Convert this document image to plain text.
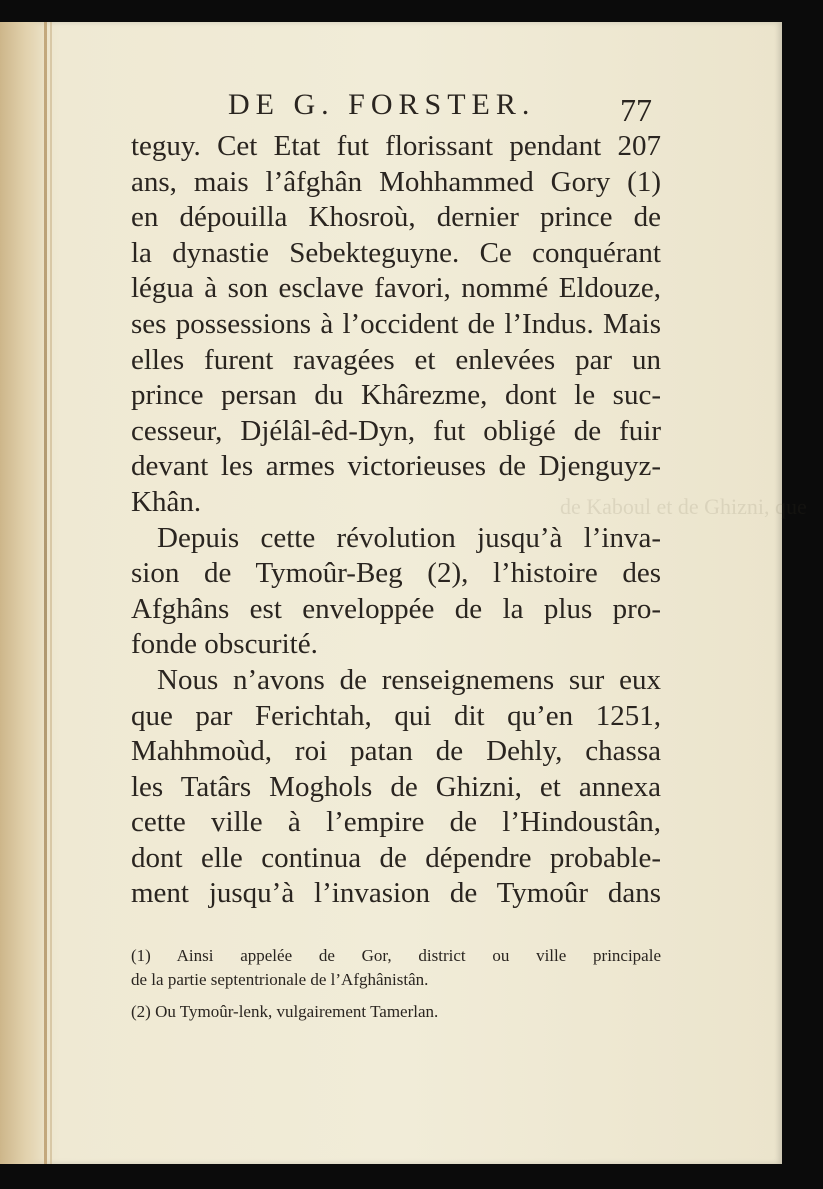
de Kaboul et de Ghizni, que
DE G. FORSTER.	77
teguy. Cet Etat fut florissant pendant 207
ans, mais l’âfghân Mohhammed Gory (1)
en dépouilla Khosroù, dernier prince de
la dynastie Sebekteguyne. Ce conquérant
légua à son esclave favori, nommé Eldouze,
ses possessions à l’occident de l’Indus. Mais
elles furent ravagées et enlevées par un
prince persan du Khârezme, dont le suc-
cesseur, Djélâl-êd-Dyn, fut obligé de fuir
devant les armes victorieuses de Djenguyz-
Khân.
Depuis cette révolution jusqu’à l’inva-
sion de Tymoûr-Beg (2), l’histoire des
Afghâns est enveloppée de la plus pro-
fonde obscurité.
Nous n’avons de renseignemens sur eux
que par Ferichtah, qui dit qu’en 1251,
Mahhmoùd, roi patan de Dehly, chassa
les Tatârs Moghols de Ghizni, et annexa
cette ville à l’empire de l’Hindoustân,
dont elle continua de dépendre probable-
ment jusqu’à l’invasion de Tymoûr dans
(1) Ainsi appelée de Gor, district ou ville principale
de la partie septentrionale de l’Afghânistân.
(2) Ou Tymoûr-lenk, vulgairement Tamerlan.
